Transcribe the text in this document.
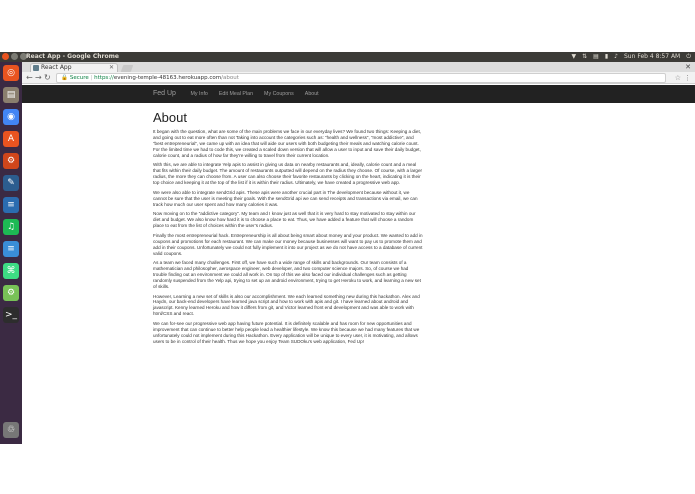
React App - Google Chrome	▼ ⇅ ▤ ▮ ♪ Sun Feb 4 8:57 AM ⏻
◎
▤
◉
A
⚙
✎
≡
♫
≡
⌘
⚙
>_
♲
React App	✕	✕
← → ↻	🔒 Secure | https://evening-temple-48163.herokuapp.com/about	☆ ⋮
Fed Up	My Info	Edit Meal Plan	My Coupons	About
About

It began with the question, what are some of the main problems we face in our everyday lives? We found two things: Keeping a diet, and going out to eat more often than not Taking into account the categories such as: “health and wellness”, “most addictive”, and “best entrepreneurial”, we came up with an idea that will aide our users with both budgeting their meals and watching calorie count. For the limited time we had to code this, we created a scaled down version that will allow a user to input and save their daily budget, calorie count, and a radius of how far they’re willing to travel from their current location.

With this, we are able to integrate Yelp apis to assist in giving us data on nearby restaurants and, ideally, calorie count and a meal that fits within their daily budget. The amount of restaurants outputted will depend on the radius they choose. Of course, with a larger radius, the more they can choose from. A user can also choose their favorite restaurants by clicking on the heart, indicating it is their top choice and keeping it at the top of the list if it is within their radius. Ultimately, we have created a progressive web app.

We were also able to integrate sendGrid apis. These apis were another crucial part in The development because without it, we cannot be sure that the user is meeting their goals. With the sendGrid api we can send receipts and transactions via email, we can track how much our user spent and how many calories it was.

Now moving on to the “addictive category”. My team and I know just as well that it is very hard to stay motivated to stay within our diet and budget. We also know how hard it is to choose a place to eat. Thus, we have added a feature that will choose a random place to eat from the list of choices within the user’s radius.

Finally the most entrepreneurial hack. Entrepreneurship is all about being smart about money and your product. We wanted to add in coupons and promotions for each restaurant. We can make our money because businesses will want to pay us to promote them and add in their coupons. Unfortunately we could not fully implement it into our project as we do not have access to a database of current valid coupons.

As a team we faced many challenges. First off, we have such a wide range of skills and backgrounds. Our team consists of a mathematician and philosopher, aerospace engineer, web developer, and two computer science majors. So, of course we had trouble finding out an environment we could all work in. On top of this we also faced our individual challenges such as getting randomly suspended from the Yelp api, trying to set up an android environment, trying to get Heroku to work, and learning a new set of skills.

However, Learning a new set of skills is also our accomplishment. We each learned something new during this hackathon. Alex and Haydn, our back-end developers have learned java script and how to work with apis and git. I have learned about android and javascript. Kenny learned Heroku and how it differs from git, and Victor learned front end development and was able to work with html/CSS and react.

We can for-see our progressive web app having future potential. It is definitely scalable and has room for new opportunities and improvement that can continue to better help people lead a healthier lifestyle. We know this because we had many features that we unfortunately could not implement during this Hackathon. Every application will be unique to every user, it is motivating, and allows users to be in control of their health. Thus we hope you enjoy Team SUDOku’s web application, Fed Up!
